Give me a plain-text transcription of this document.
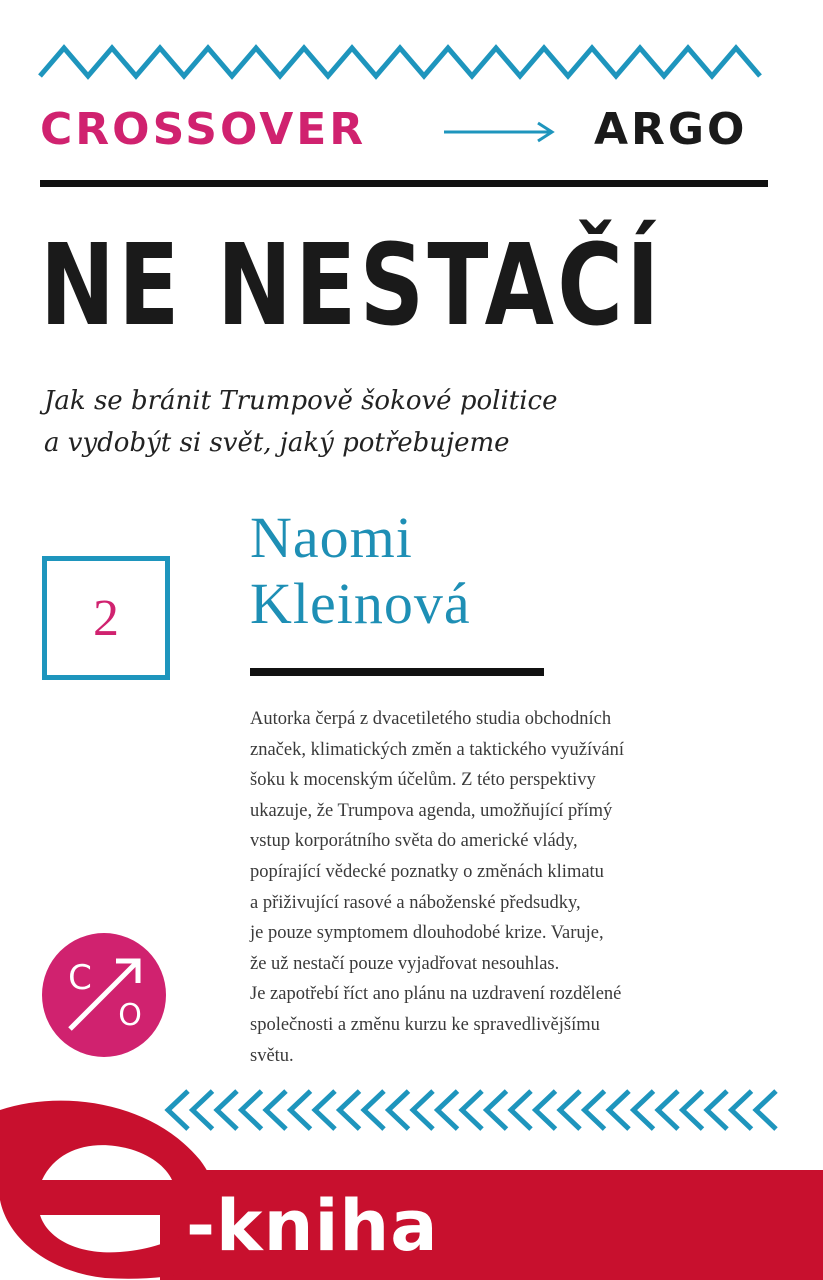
CROSSOVER	ARGO
NE NESTAČÍ
Jak se bránit Trumpově šokové politice
a vydobýt si svět, jaký potřebujeme
2
Naomi
Kleinová

Autorka čerpá z dvacetiletého studia obchodních

značek, klimatických změn a taktického využívání

šoku k mocenským účelům. Z této perspektivy

ukazuje, že Trumpova agenda, umožňující přímý

vstup korporátního světa do americké vlády,

popírající vědecké poznatky o změnách klimatu

a přiživující rasové a náboženské předsudky,

je pouze symptomem dlouhodobé krize. Varuje,

že už nestačí pouze vyjadřovat nesouhlas.

Je zapotřebí říct ano plánu na uzdravení rozdělené

společnosti a změnu kurzu ke spravedlivějšímu

světu.

C
O
-kniha
